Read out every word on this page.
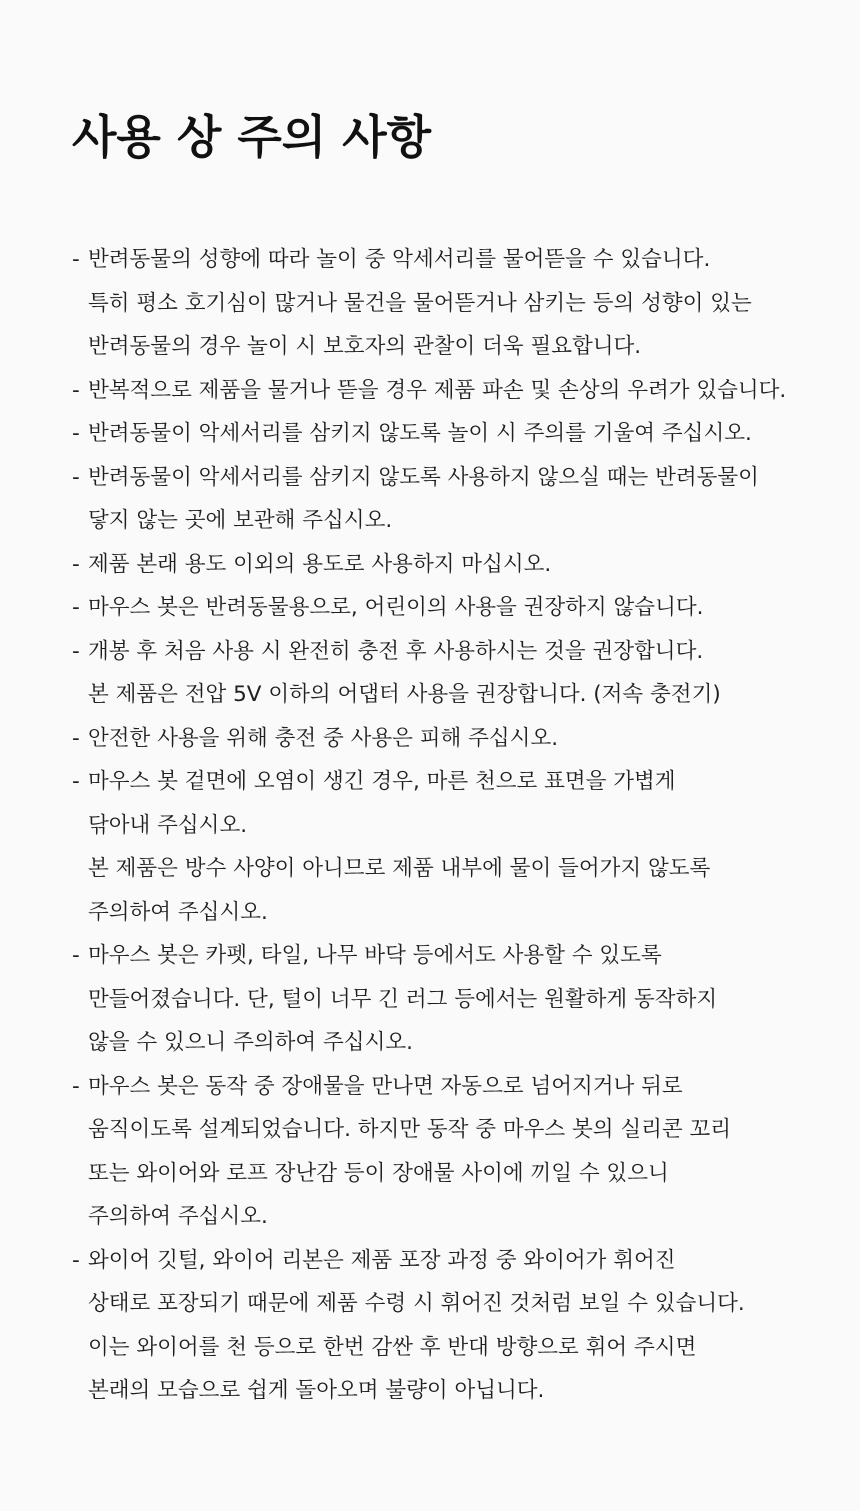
사용 상 주의 사항
- 반려동물의 성향에 따라 놀이 중 악세서리를 물어뜯을 수 있습니다.
특히 평소 호기심이 많거나 물건을 물어뜯거나 삼키는 등의 성향이 있는
반려동물의 경우 놀이 시 보호자의 관찰이 더욱 필요합니다.
- 반복적으로 제품을 물거나 뜯을 경우 제품 파손 및 손상의 우려가 있습니다.
- 반려동물이 악세서리를 삼키지 않도록 놀이 시 주의를 기울여 주십시오.
- 반려동물이 악세서리를 삼키지 않도록 사용하지 않으실 때는 반려동물이
닿지 않는 곳에 보관해 주십시오.
- 제품 본래 용도 이외의 용도로 사용하지 마십시오.
- 마우스 봇은 반려동물용으로, 어린이의 사용을 권장하지 않습니다.
- 개봉 후 처음 사용 시 완전히 충전 후 사용하시는 것을 권장합니다.
본 제품은 전압 5V 이하의 어댑터 사용을 권장합니다. (저속 충전기)
- 안전한 사용을 위해 충전 중 사용은 피해 주십시오.
- 마우스 봇 겉면에 오염이 생긴 경우, 마른 천으로 표면을 가볍게
닦아내 주십시오.
본 제품은 방수 사양이 아니므로 제품 내부에 물이 들어가지 않도록
주의하여 주십시오.
- 마우스 봇은 카펫, 타일, 나무 바닥 등에서도 사용할 수 있도록
만들어졌습니다. 단, 털이 너무 긴 러그 등에서는 원활하게 동작하지
않을 수 있으니 주의하여 주십시오.
- 마우스 봇은 동작 중 장애물을 만나면 자동으로 넘어지거나 뒤로
움직이도록 설계되었습니다. 하지만 동작 중 마우스 봇의 실리콘 꼬리
또는 와이어와 로프 장난감 등이 장애물 사이에 끼일 수 있으니
주의하여 주십시오.
- 와이어 깃털, 와이어 리본은 제품 포장 과정 중 와이어가 휘어진
상태로 포장되기 때문에 제품 수령 시 휘어진 것처럼 보일 수 있습니다.
이는 와이어를 천 등으로 한번 감싼 후 반대 방향으로 휘어 주시면
본래의 모습으로 쉽게 돌아오며 불량이 아닙니다.
